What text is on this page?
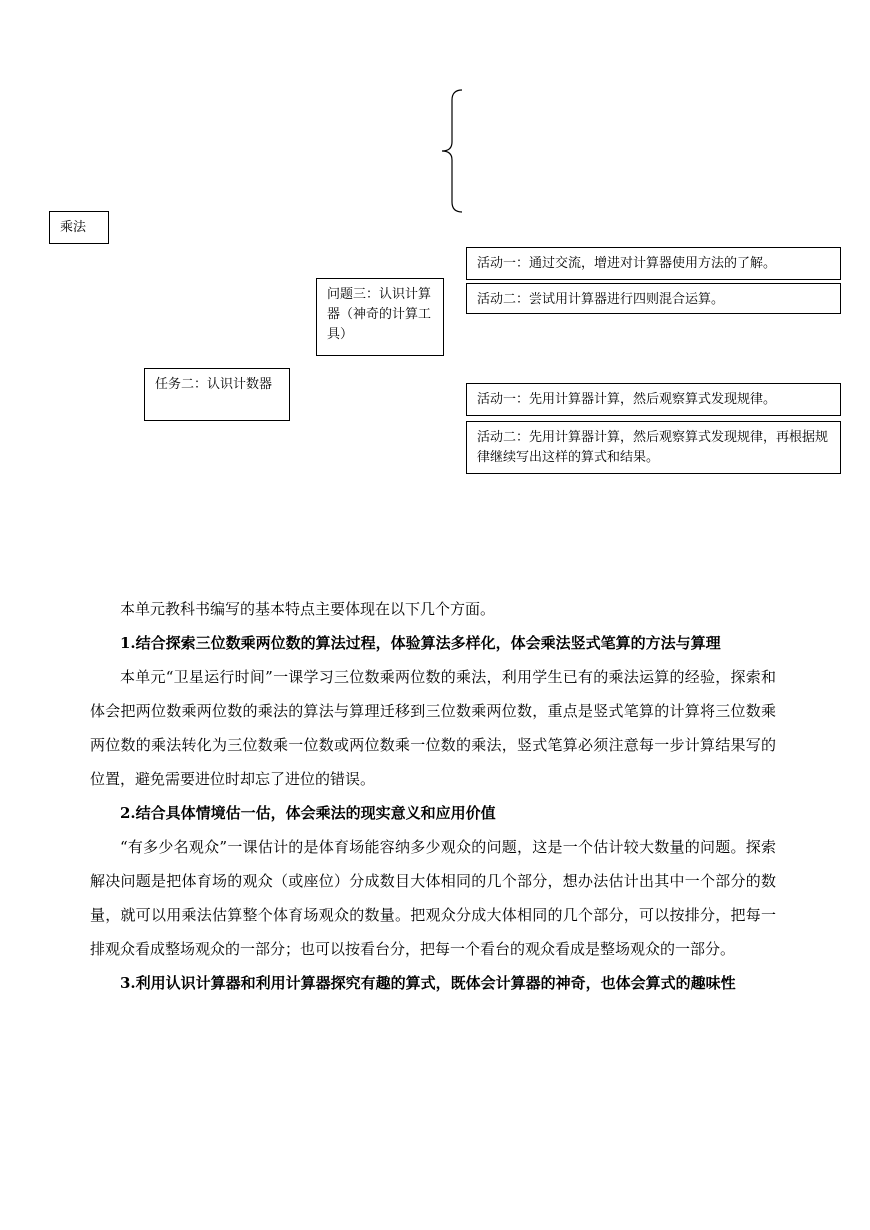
乘法
任务二：认识计数器
问题三：认识计算器（神奇的计算工具）
活动一：通过交流，增进对计算器使用方法的了解。
活动二：尝试用计算器进行四则混合运算。
活动一：先用计算器计算，然后观察算式发现规律。
活动二：先用计算器计算，然后观察算式发现规律，再根据规律继续写出这样的算式和结果。

本单元教科书编写的基本特点主要体现在以下几个方面。

1.结合探索三位数乘两位数的算法过程，体验算法多样化，体会乘法竖式笔算的方法与算理

本单元“卫星运行时间”一课学习三位数乘两位数的乘法，利用学生已有的乘法运算的经验，探索和体会把两位数乘两位数的乘法的算法与算理迁移到三位数乘两位数，重点是竖式笔算的计算将三位数乘两位数的乘法转化为三位数乘一位数或两位数乘一位数的乘法，竖式笔算必须注意每一步计算结果写的位置，避免需要进位时却忘了进位的错误。

2.结合具体情境估一估，体会乘法的现实意义和应用价值

“有多少名观众”一课估计的是体育场能容纳多少观众的问题，这是一个估计较大数量的问题。探索解决问题是把体育场的观众（或座位）分成数目大体相同的几个部分，想办法估计出其中一个部分的数量，就可以用乘法估算整个体育场观众的数量。把观众分成大体相同的几个部分，可以按排分，把每一排观众看成整场观众的一部分；也可以按看台分，把每一个看台的观众看成是整场观众的一部分。

3.利用认识计算器和利用计算器探究有趣的算式，既体会计算器的神奇，也体会算式的趣味性
